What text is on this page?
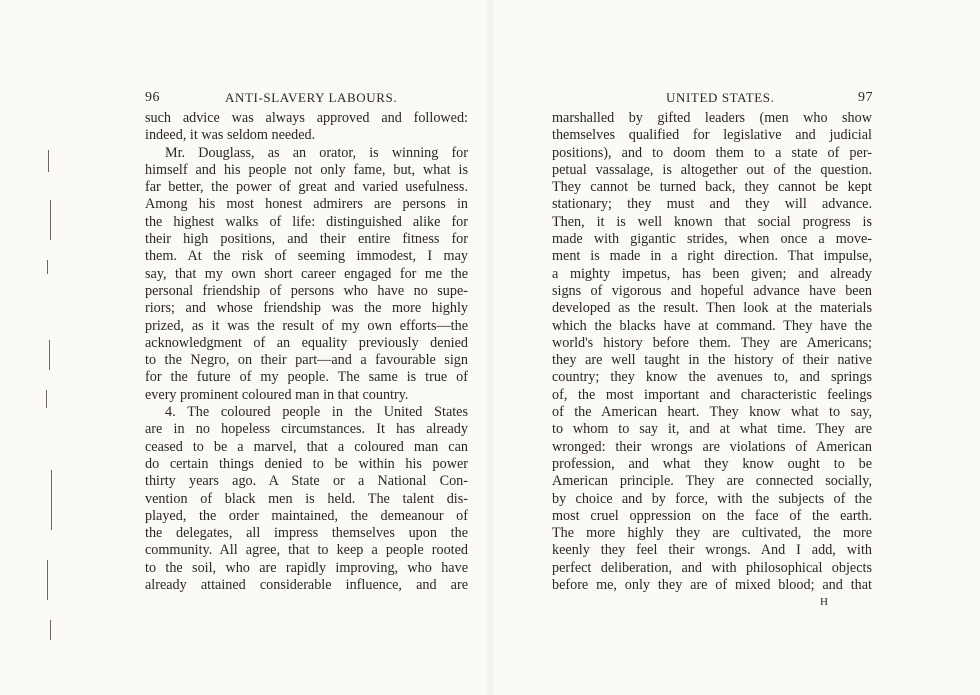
96	ANTI-SLAVERY LABOURS.
such advice was always approved and followed:
indeed, it was seldom needed.
Mr. Douglass, as an orator, is winning for
himself and his people not only fame, but, what is
far better, the power of great and varied usefulness.
Among his most honest admirers are persons in
the highest walks of life: distinguished alike for
their high positions, and their entire fitness for
them. At the risk of seeming immodest, I may
say, that my own short career engaged for me the
personal friendship of persons who have no supe-
riors; and whose friendship was the more highly
prized, as it was the result of my own efforts—the
acknowledgment of an equality previously denied
to the Negro, on their part—and a favourable sign
for the future of my people. The same is true of
every prominent coloured man in that country.
4. The coloured people in the United States
are in no hopeless circumstances. It has already
ceased to be a marvel, that a coloured man can
do certain things denied to be within his power
thirty years ago. A State or a National Con-
vention of black men is held. The talent dis-
played, the order maintained, the demeanour of
the delegates, all impress themselves upon the
community. All agree, that to keep a people rooted
to the soil, who are rapidly improving, who have
already attained considerable influence, and are
UNITED STATES.	97
marshalled by gifted leaders (men who show
themselves qualified for legislative and judicial
positions), and to doom them to a state of per-
petual vassalage, is altogether out of the question.
They cannot be turned back, they cannot be kept
stationary; they must and they will advance.
Then, it is well known that social progress is
made with gigantic strides, when once a move-
ment is made in a right direction. That impulse,
a mighty impetus, has been given; and already
signs of vigorous and hopeful advance have been
developed as the result. Then look at the materials
which the blacks have at command. They have the
world's history before them. They are Americans;
they are well taught in the history of their native
country; they know the avenues to, and springs
of, the most important and characteristic feelings
of the American heart. They know what to say,
to whom to say it, and at what time. They are
wronged: their wrongs are violations of American
profession, and what they know ought to be
American principle. They are connected socially,
by choice and by force, with the subjects of the
most cruel oppression on the face of the earth.
The more highly they are cultivated, the more
keenly they feel their wrongs. And I add, with
perfect deliberation, and with philosophical objects
before me, only they are of mixed blood; and that
H
